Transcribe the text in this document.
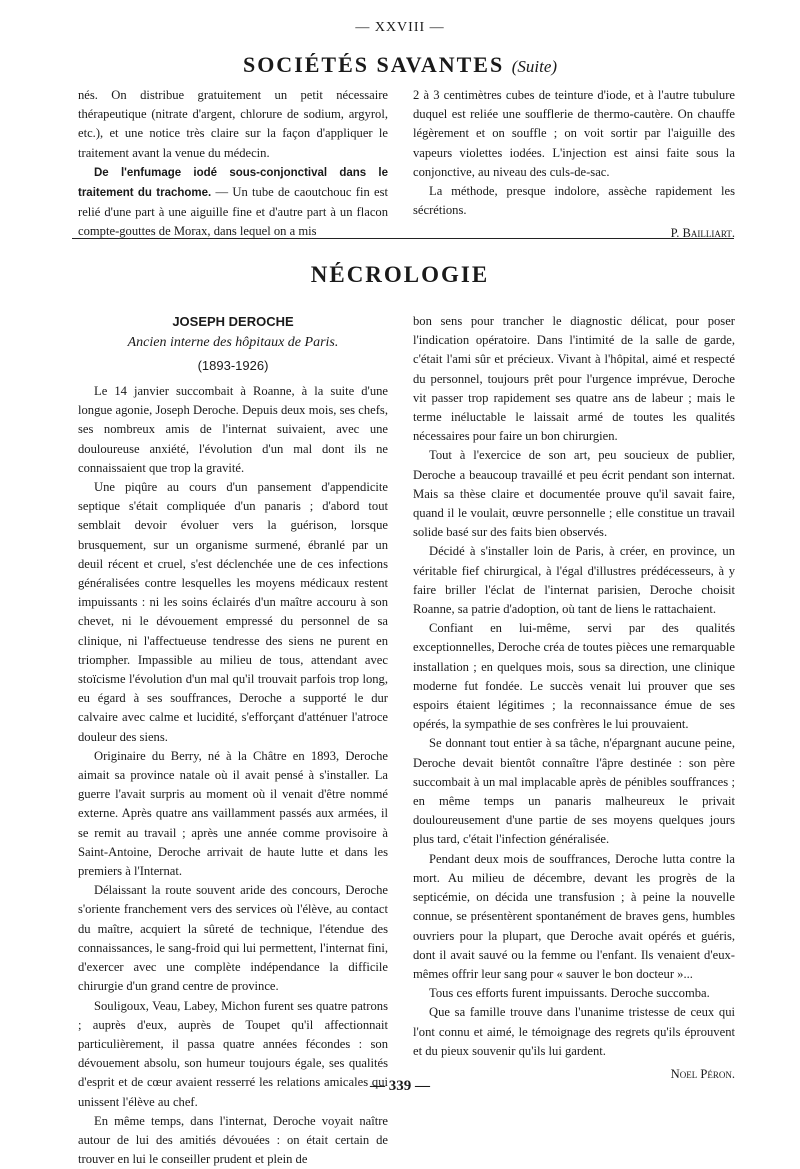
— XXVIII —
SOCIÉTÉS SAVANTES (Suite)

nés. On distribue gratuitement un petit nécessaire thérapeutique (nitrate d'argent, chlorure de sodium, argyrol, etc.), et une notice très claire sur la façon d'appliquer le traitement avant la venue du médecin.

De l'enfumage iodé sous-conjonctival dans le traitement du trachome. — Un tube de caoutchouc fin est relié d'une part à une aiguille fine et d'autre part à un flacon compte-gouttes de Morax, dans lequel on a mis

2 à 3 centimètres cubes de teinture d'iode, et à l'autre tubulure duquel est reliée une soufflerie de thermo-cautère. On chauffe légèrement et on souffle ; on voit sortir par l'aiguille des vapeurs violettes iodées. L'injection est ainsi faite sous la conjonctive, au niveau des culs-de-sac.

La méthode, presque indolore, assèche rapidement les sécrétions.

P. Bailliart.

NÉCROLOGIE
JOSEPH DEROCHE
Ancien interne des hôpitaux de Paris.
(1893-1926)

Le 14 janvier succombait à Roanne, à la suite d'une longue agonie, Joseph Deroche. Depuis deux mois, ses chefs, ses nombreux amis de l'internat suivaient, avec une douloureuse anxiété, l'évolution d'un mal dont ils ne connaissaient que trop la gravité.

Une piqûre au cours d'un pansement d'appendicite septique s'était compliquée d'un panaris ; d'abord tout semblait devoir évoluer vers la guérison, lorsque brusquement, sur un organisme surmené, ébranlé par un deuil récent et cruel, s'est déclenchée une de ces infections généralisées contre lesquelles les moyens médicaux restent impuissants : ni les soins éclairés d'un maître accouru à son chevet, ni le dévouement empressé du personnel de sa clinique, ni l'affectueuse tendresse des siens ne purent en triompher. Impassible au milieu de tous, attendant avec stoïcisme l'évolution d'un mal qu'il trouvait parfois trop long, eu égard à ses souffrances, Deroche a supporté le dur calvaire avec calme et lucidité, s'efforçant d'atténuer l'atroce douleur des siens.

Originaire du Berry, né à la Châtre en 1893, Deroche aimait sa province natale où il avait pensé à s'installer. La guerre l'avait surpris au moment où il venait d'être nommé externe. Après quatre ans vaillamment passés aux armées, il se remit au travail ; après une année comme provisoire à Saint-Antoine, Deroche arrivait de haute lutte et dans les premiers à l'Internat.

Délaissant la route souvent aride des concours, Deroche s'oriente franchement vers des services où l'élève, au contact du maître, acquiert la sûreté de technique, l'étendue des connaissances, le sang-froid qui lui permettent, l'internat fini, d'exercer avec une complète indépendance la difficile chirurgie d'un grand centre de province.

Souligoux, Veau, Labey, Michon furent ses quatre patrons ; auprès d'eux, auprès de Toupet qu'il affectionnait particulièrement, il passa quatre années fécondes : son dévouement absolu, son humeur toujours égale, ses qualités d'esprit et de cœur avaient resserré les relations amicales qui unissent l'élève au chef.

En même temps, dans l'internat, Deroche voyait naître autour de lui des amitiés dévouées : on était certain de trouver en lui le conseiller prudent et plein de

bon sens pour trancher le diagnostic délicat, pour poser l'indication opératoire. Dans l'intimité de la salle de garde, c'était l'ami sûr et précieux. Vivant à l'hôpital, aimé et respecté du personnel, toujours prêt pour l'urgence imprévue, Deroche vit passer trop rapidement ses quatre ans de labeur ; mais le terme inéluctable le laissait armé de toutes les qualités nécessaires pour faire un bon chirurgien.

Tout à l'exercice de son art, peu soucieux de publier, Deroche a beaucoup travaillé et peu écrit pendant son internat. Mais sa thèse claire et documentée prouve qu'il savait faire, quand il le voulait, œuvre personnelle ; elle constitue un travail solide basé sur des faits bien observés.

Décidé à s'installer loin de Paris, à créer, en province, un véritable fief chirurgical, à l'égal d'illustres prédécesseurs, à y faire briller l'éclat de l'internat parisien, Deroche choisit Roanne, sa patrie d'adoption, où tant de liens le rattachaient.

Confiant en lui-même, servi par des qualités exceptionnelles, Deroche créa de toutes pièces une remarquable installation ; en quelques mois, sous sa direction, une clinique moderne fut fondée. Le succès venait lui prouver que ses espoirs étaient légitimes ; la reconnaissance émue de ses opérés, la sympathie de ses confrères le lui prouvaient.

Se donnant tout entier à sa tâche, n'épargnant aucune peine, Deroche devait bientôt connaître l'âpre destinée : son père succombait à un mal implacable après de pénibles souffrances ; en même temps un panaris malheureux le privait douloureusement d'une partie de ses moyens quelques jours plus tard, c'était l'infection généralisée.

Pendant deux mois de souffrances, Deroche lutta contre la mort. Au milieu de décembre, devant les progrès de la septicémie, on décida une transfusion ; à peine la nouvelle connue, se présentèrent spontanément de braves gens, humbles ouvriers pour la plupart, que Deroche avait opérés et guéris, dont il avait sauvé ou la femme ou l'enfant. Ils venaient d'eux-mêmes offrir leur sang pour « sauver le bon docteur »...

Tous ces efforts furent impuissants. Deroche succomba.

Que sa famille trouve dans l'unanime tristesse de ceux qui l'ont connu et aimé, le témoignage des regrets qu'ils éprouvent et du pieux souvenir qu'ils lui gardent.

Noel Péron.

— 339 —
